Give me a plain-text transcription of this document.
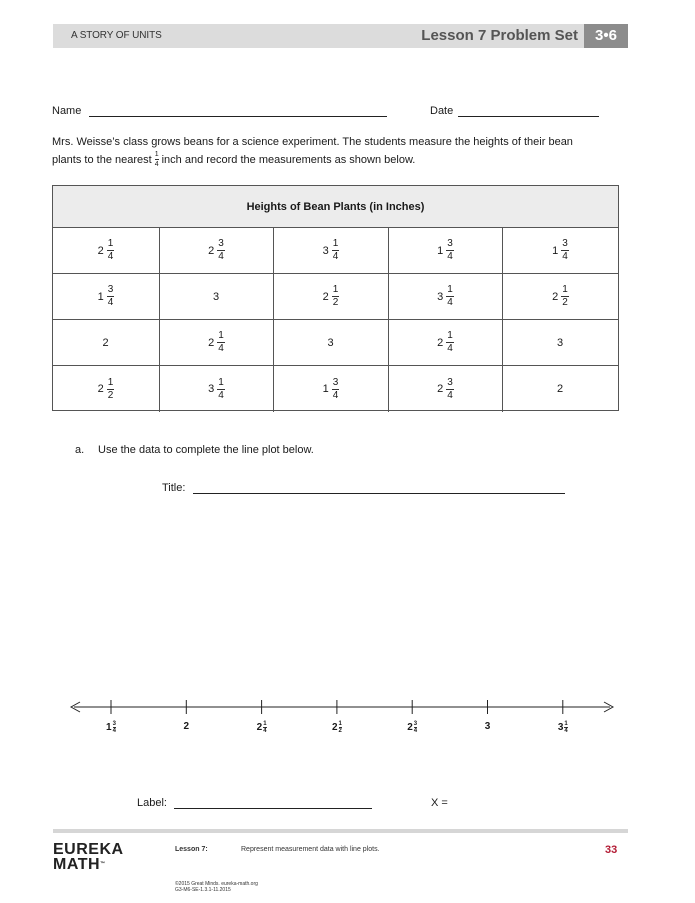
A STORY OF UNITS	Lesson 7 Problem Set	3•6
Name	Date
Mrs. Weisse’s class grows beans for a science experiment. The students measure the heights of their bean
plants to the nearest $\frac{1}{4}$ inch and record the measurements as shown below.
Heights of Bean Plants (in Inches)
$2 \frac{1}{4}$	$2 \frac{3}{4}$	$3 \frac{1}{4}$	$1 \frac{3}{4}$	$1 \frac{3}{4}$
$1 \frac{3}{4}$	3	$2 \frac{1}{2}$	$3 \frac{1}{4}$	$2 \frac{1}{2}$
2	$2 \frac{1}{4}$	3	$2 \frac{1}{4}$	3
$2 \frac{1}{2}$	$3 \frac{1}{4}$	$1 \frac{3}{4}$	$2 \frac{3}{4}$	2
a. Use the data to complete the line plot below.
Title:
$1 \frac{3}{4}$	2	$2 \frac{1}{4}$	$2 \frac{1}{2}$	$2 \frac{3}{4}$	3	$3 \frac{1}{4}$
Label:	X =
EUREKA
MATH™
Lesson 7:	Represent measurement data with line plots.	33
©2015 Great Minds. eureka-math.org
G3-M6-SE-1.3.1-11.2015
